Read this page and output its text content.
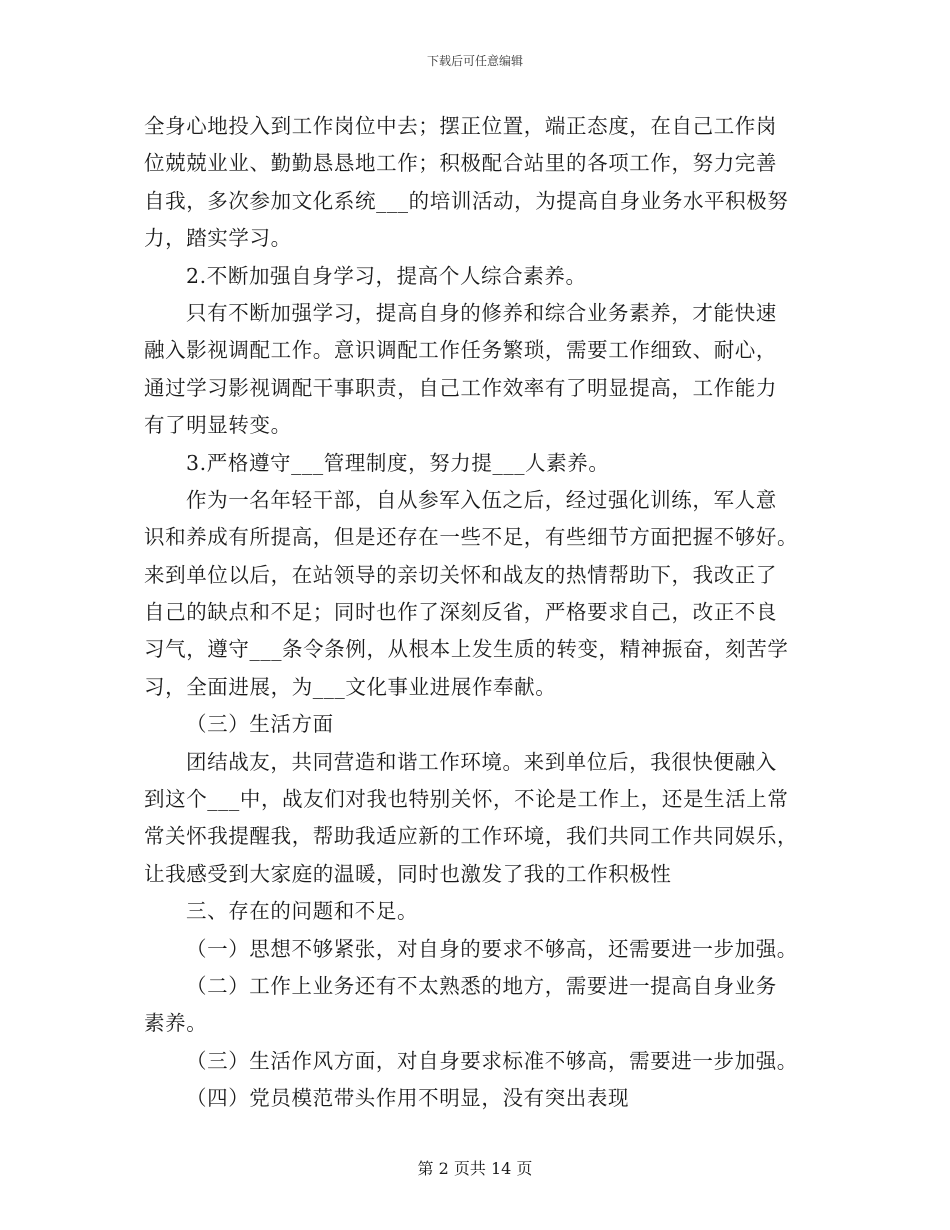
下载后可任意编辑
全身心地投入到工作岗位中去；摆正位置，端正态度，在自己工作岗
位兢兢业业、勤勤恳恳地工作；积极配合站里的各项工作，努力完善
自我，多次参加文化系统___的培训活动，为提高自身业务水平积极努
力，踏实学习。
2.不断加强自身学习，提高个人综合素养。
只有不断加强学习，提高自身的修养和综合业务素养，才能快速
融入影视调配工作。意识调配工作任务繁琐，需要工作细致、耐心，
通过学习影视调配干事职责，自己工作效率有了明显提高，工作能力
有了明显转变。
3.严格遵守___管理制度，努力提___人素养。
作为一名年轻干部，自从参军入伍之后，经过强化训练，军人意
识和养成有所提高，但是还存在一些不足，有些细节方面把握不够好。
来到单位以后，在站领导的亲切关怀和战友的热情帮助下，我改正了
自己的缺点和不足；同时也作了深刻反省，严格要求自己，改正不良
习气，遵守___条令条例，从根本上发生质的转变，精神振奋，刻苦学
习，全面进展，为___文化事业进展作奉献。
（三）生活方面
团结战友，共同营造和谐工作环境。来到单位后，我很快便融入
到这个___中，战友们对我也特别关怀，不论是工作上，还是生活上常
常关怀我提醒我，帮助我适应新的工作环境，我们共同工作共同娱乐，
让我感受到大家庭的温暖，同时也激发了我的工作积极性
三、存在的问题和不足。
（一）思想不够紧张，对自身的要求不够高，还需要进一步加强。
（二）工作上业务还有不太熟悉的地方，需要进一提高自身业务
素养。
（三）生活作风方面，对自身要求标准不够高，需要进一步加强。
（四）党员模范带头作用不明显，没有突出表现
第 2 页共 14 页
